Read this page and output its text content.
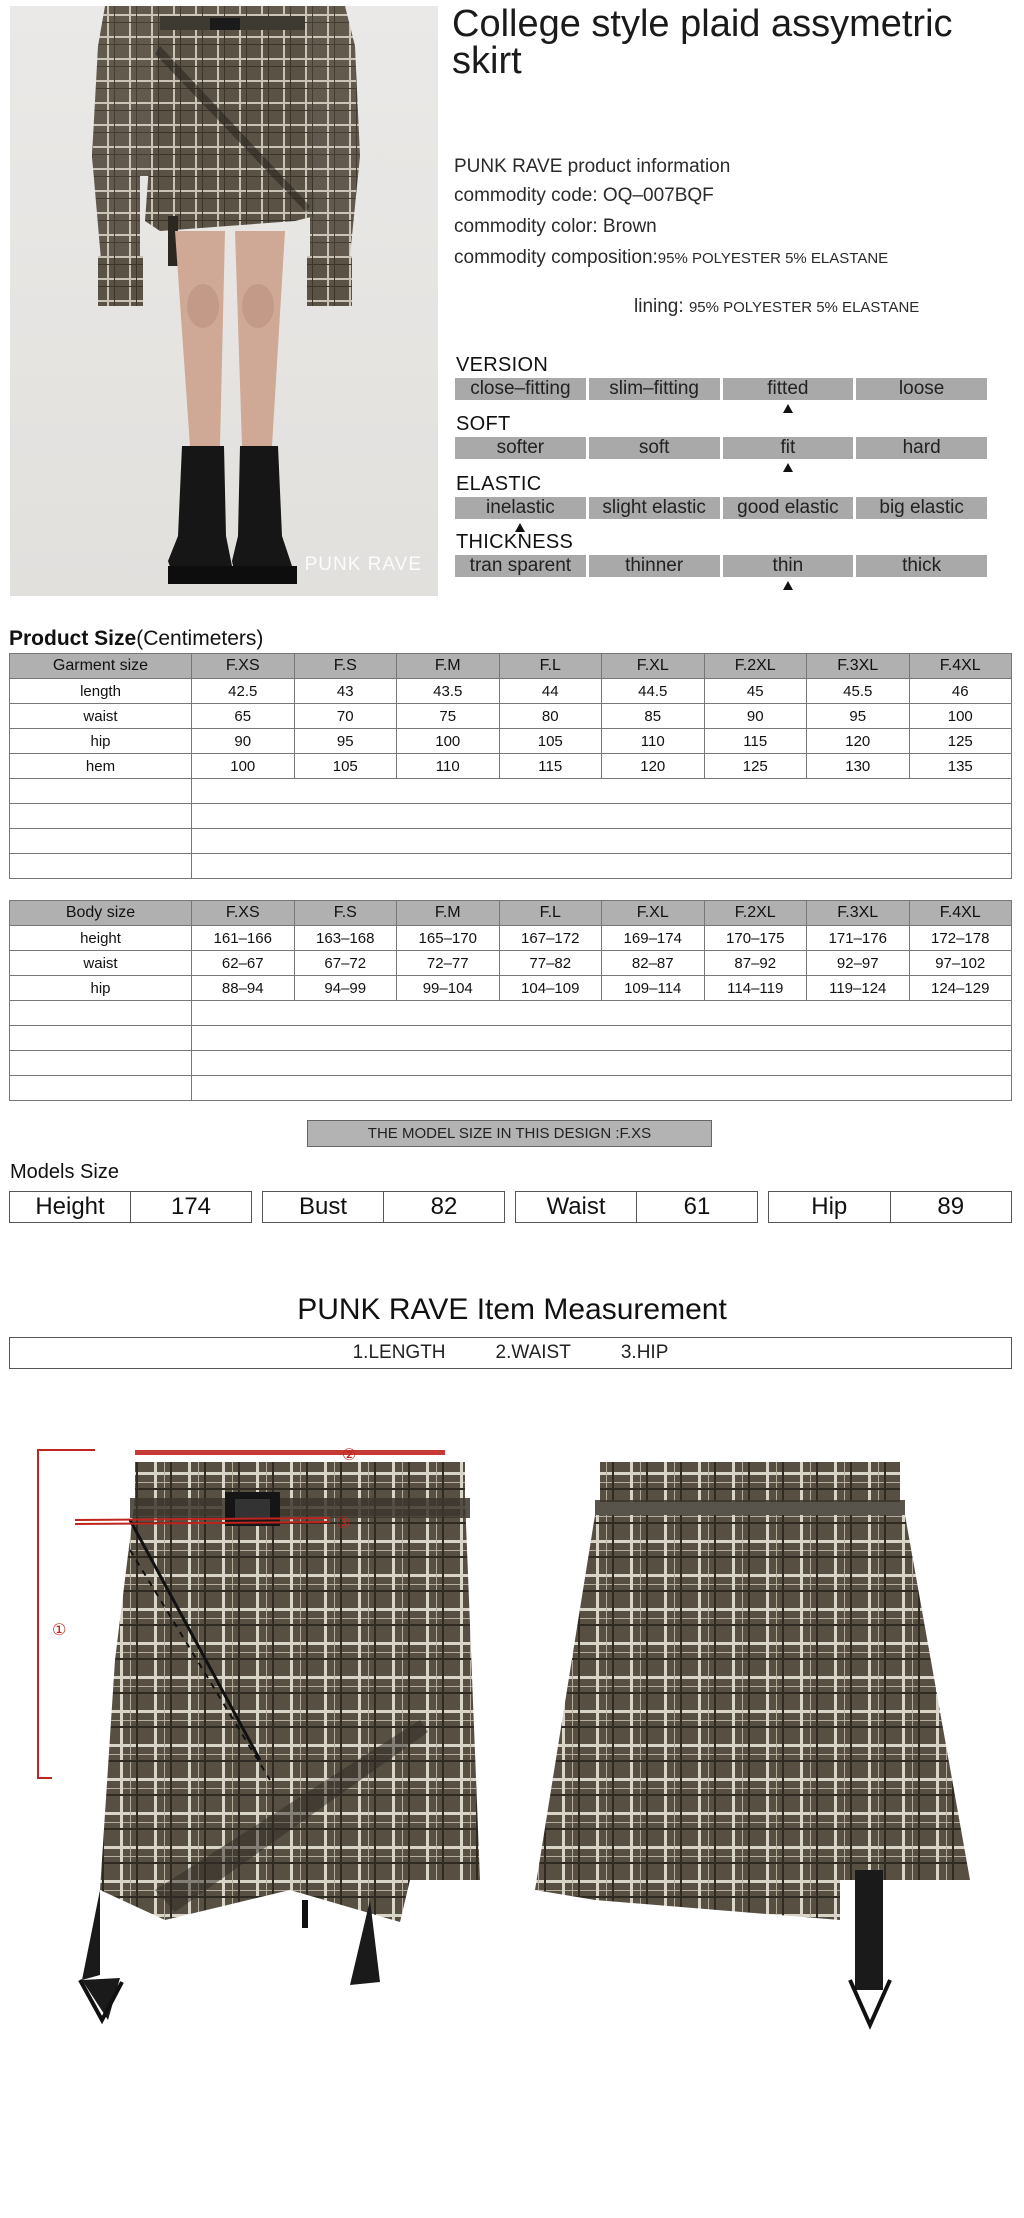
PUNK RAVE
College style plaid assymetric skirt
PUNK RAVE product information
commodity code: OQ–007BQF
commodity color: Brown
commodity composition:95% POLYESTER 5% ELASTANE
lining: 95% POLYESTER 5% ELASTANE
VERSION
close–fitting	slim–fitting	fitted	loose
SOFT
softer	soft	fit	hard
ELASTIC
inelastic	slight elastic	good elastic	big elastic
THICKNESS
tran sparent	thinner	thin	thick
Product Size(Centimeters)
Garment size	F.XS	F.S	F.M	F.L	F.XL	F.2XL	F.3XL	F.4XL
length	42.5	43	43.5	44	44.5	45	45.5	46
waist	65	70	75	80	85	90	95	100
hip	90	95	100	105	110	115	120	125
hem	100	105	110	115	120	125	130	135

Body size	F.XS	F.S	F.M	F.L	F.XL	F.2XL	F.3XL	F.4XL
height	161–166	163–168	165–170	167–172	169–174	170–175	171–176	172–178
waist	62–67	67–72	72–77	77–82	82–87	87–92	92–97	97–102
hip	88–94	94–99	99–104	104–109	109–114	114–119	119–124	124–129

THE MODEL SIZE IN THIS DESIGN :F.XS
Models Size
Height	174	Bust	82	Waist	61	Hip	89
PUNK RAVE Item Measurement
1.LENGTH	2.WAIST	3.HIP
①
②
③
